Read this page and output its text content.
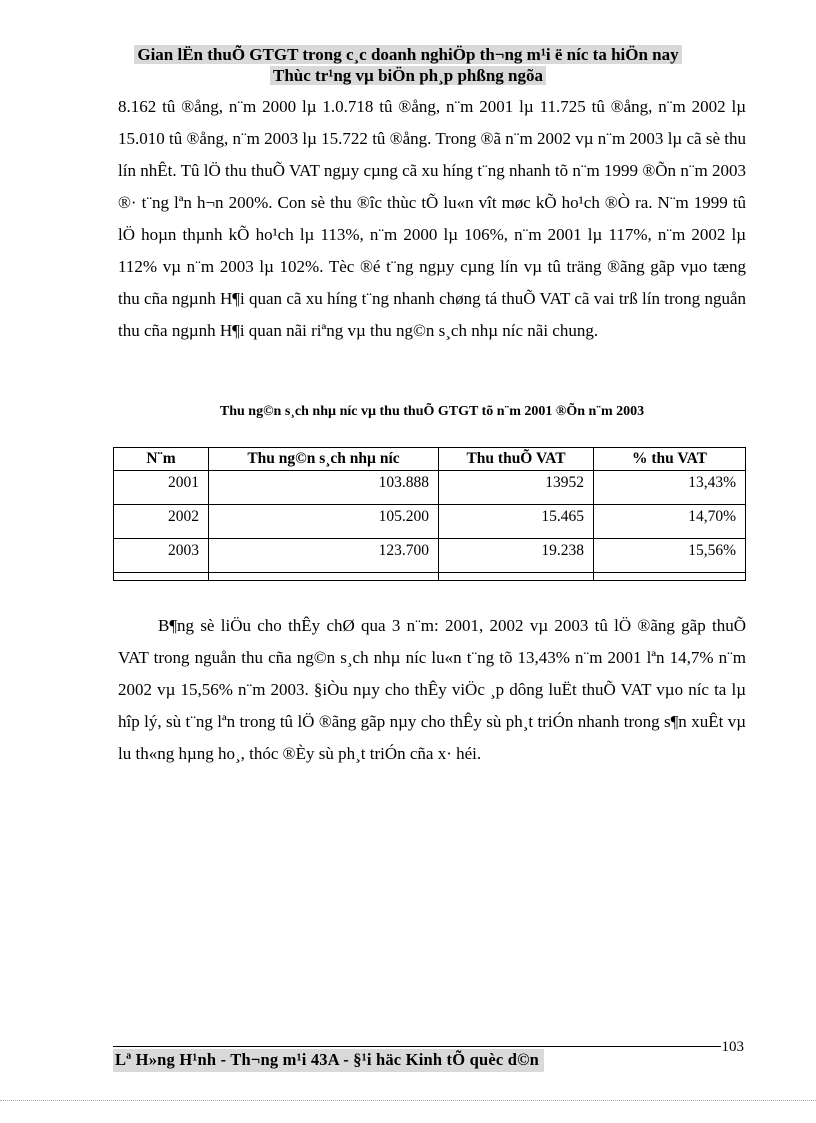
Gian lËn thuÕ GTGT trong c¸c doanh nghiÖp th¬ng m¹i ë níc ta hiÖn nay
Thùc tr¹ng vµ biÖn ph¸p phßng ngõa

8.162 tû ®ång, n¨m 2000 lµ 1.0.718 tû ®ång, n¨m 2001 lµ 11.725 tû ®ång, n¨m 2002 lµ 15.010 tû ®ång, n¨m 2003 lµ 15.722 tû ®ång. Trong ®ã n¨m 2002 vµ n¨m 2003 lµ cã sè thu lín nhÊt. Tû lÖ thu thuÕ VAT ngµy cµng cã xu híng t¨ng nhanh tõ n¨m 1999 ®Õn n¨m 2003 ®· t¨ng lªn h¬n 200%. Con sè thu ®îc thùc tÕ lu«n vît møc kÕ ho¹ch ®Ò ra. N¨m 1999 tû lÖ hoµn thµnh kÕ ho¹ch lµ 113%, n¨m 2000 lµ 106%, n¨m 2001 lµ 117%, n¨m 2002 lµ 112% vµ n¨m 2003 lµ 102%. Tèc ®é t¨ng ngµy cµng lín vµ tû träng ®ãng gãp vµo tæng thu cña ngµnh H¶i quan cã xu híng t¨ng nhanh chøng tá thuÕ VAT cã vai trß lín trong nguån thu cña ngµnh H¶i quan nãi riªng vµ thu ng©n s¸ch nhµ níc nãi chung.

Thu ng©n s¸ch nhµ níc vµ thu thuÕ GTGT tõ n¨m 2001 ®Õn n¨m 2003

N¨m	Thu ng©n s¸ch nhµ níc	Thu thuÕ VAT	% thu VAT
2001	103.888	13952	13,43%
2002	105.200	15.465	14,70%
2003	123.700	19.238	15,56%

B¶ng sè liÖu cho thÊy chØ qua 3 n¨m: 2001, 2002 vµ 2003 tû lÖ ®ãng gãp thuÕ VAT trong nguån thu cña ng©n s¸ch nhµ níc lu«n t¨ng tõ 13,43% n¨m 2001 lªn 14,7% n¨m 2002 vµ 15,56% n¨m 2003. §iÒu nµy cho thÊy viÖc ¸p dông luËt thuÕ VAT vµo níc ta lµ hîp lý, sù t¨ng lªn trong tû lÖ ®ãng gãp nµy cho thÊy sù ph¸t triÓn nhanh trong s¶n xuÊt vµ lu th«ng hµng ho¸, thóc ®Èy sù ph¸t triÓn cña x· héi.

Lª H»ng H¹nh - Th¬ng m¹i 43A - §¹i häc Kinh tÕ quèc d©n
103
